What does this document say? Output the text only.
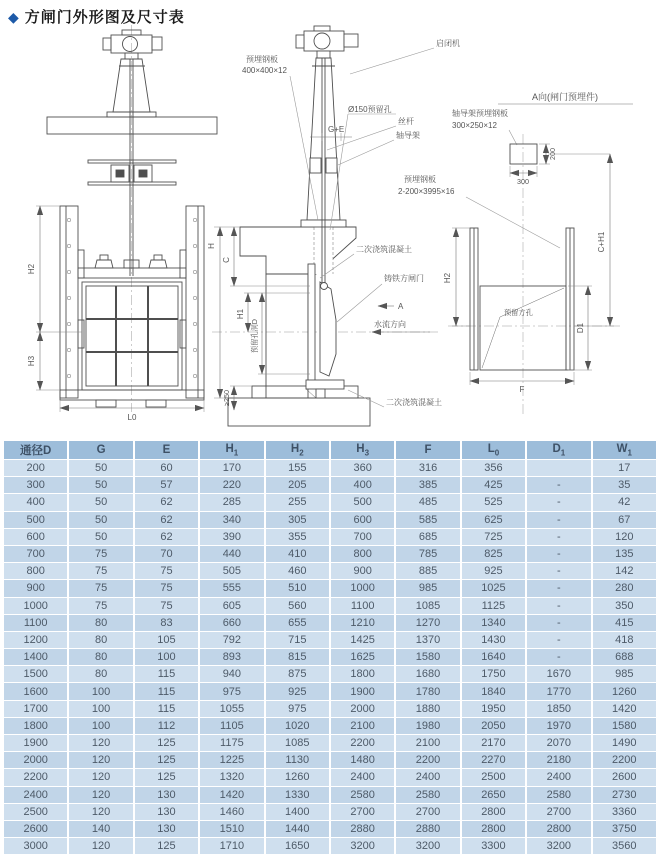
◆ 方闸门外形图及尺寸表
H2
H3
L0
预埋钢板
400×400×12
启闭机
Ø150预留孔
G+E
丝杆
轴导架
预埋钢板
2-200×3995×16
二次浇筑混凝土
铸铁方闸门
A
水流方向
二次浇筑混凝土
H
C
H1
预留孔洞D
≥250
A向(闸门预埋件)
轴导架预埋钢板
300×250×12
300
200
预留方孔
H2
C+H1
D1
F
通径D	G	E	$H_1$	$H_2$	$H_3$	F	$L_0$	$D_1$	$W_1$
200	50	60	170	155	360	316	356		17
300	50	57	220	205	400	385	425	-	35
400	50	62	285	255	500	485	525	-	42
500	50	62	340	305	600	585	625	-	67
600	50	62	390	355	700	685	725	-	120
700	75	70	440	410	800	785	825	-	135
800	75	75	505	460	900	885	925	-	142
900	75	75	555	510	1000	985	1025	-	280
1000	75	75	605	560	1100	1085	1125	-	350
1100	80	83	660	655	1210	1270	1340	-	415
1200	80	105	792	715	1425	1370	1430	-	418
1400	80	100	893	815	1625	1580	1640	-	688
1500	80	115	940	875	1800	1680	1750	1670	985
1600	100	115	975	925	1900	1780	1840	1770	1260
1700	100	115	1055	975	2000	1880	1950	1850	1420
1800	100	112	1105	1020	2100	1980	2050	1970	1580
1900	120	125	1175	1085	2200	2100	2170	2070	1490
2000	120	125	1225	1130	1480	2200	2270	2180	2200
2200	120	125	1320	1260	2400	2400	2500	2400	2600
2400	120	130	1420	1330	2580	2580	2650	2580	2730
2500	120	130	1460	1400	2700	2700	2800	2700	3360
2600	140	130	1510	1440	2880	2880	2800	2800	3750
3000	120	125	1710	1650	3200	3200	3300	3200	3560
